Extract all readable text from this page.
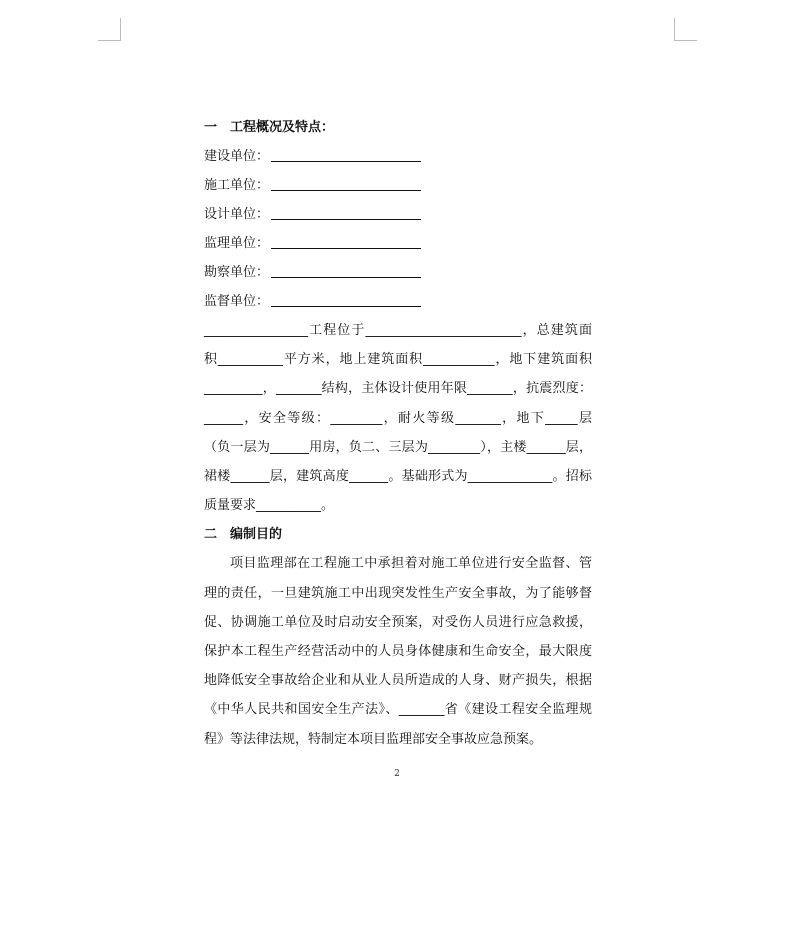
一　工程概况及特点：
建设单位：
施工单位：
设计单位：
监理单位：
勘察单位：
监督单位：

________________工程位于________________________，总建筑面积__________平方米，地上建筑面积___________，地下建筑面积_________，_______结构，主体设计使用年限_______，抗震烈度：______，安全等级：________，耐火等级_______，地下_____层（负一层为______用房，负二、三层为________），主楼______层，裙楼______层，建筑高度______。基础形式为_____________。招标质量要求__________。

二　编制目的

项目监理部在工程施工中承担着对施工单位进行安全监督、管理的责任，一旦建筑施工中出现突发性生产安全事故，为了能够督促、协调施工单位及时启动安全预案，对受伤人员进行应急救援，保护本工程生产经营活动中的人员身体健康和生命安全，最大限度地降低安全事故给企业和从业人员所造成的人身、财产损失，根据《中华人民共和国安全生产法》、_______省《建设工程安全监理规程》等法律法规，特制定本项目监理部安全事故应急预案。

2
